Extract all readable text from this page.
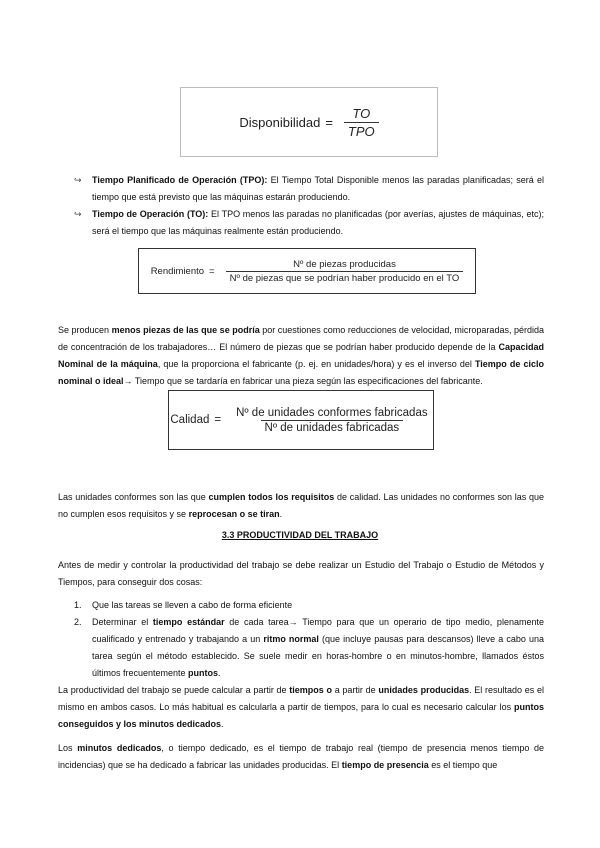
Disponibilidad = $\frac{TO}{\text{TPO}}$
↪ Tiempo Planificado de Operación (TPO): El Tiempo Total Disponible menos las paradas planificadas; será el tiempo que está previsto que las máquinas estarán produciendo.
↪ Tiempo de Operación (TO): El TPO menos las paradas no planificadas (por averías, ajustes de máquinas, etc); será el tiempo que las máquinas realmente están produciendo.
Rendimiento = $\frac{\text{Nº de piezas producidas}}{\text{Nº de piezas que se podrían haber producido en el TO}}$
Se producen menos piezas de las que se podría por cuestiones como reducciones de velocidad, microparadas, pérdida de concentración de los trabajadores… El número de piezas que se podrían haber producido depende de la Capacidad Nominal de la máquina, que la proporciona el fabricante (p. ej. en unidades/hora) y es el inverso del Tiempo de ciclo nominal o ideal→ Tiempo que se tardaría en fabricar una pieza según las especificaciones del fabricante.
Calidad = $\frac{\text{Nº de unidades conformes fabricadas}}{\text{Nº de unidades fabricadas}}$
Las unidades conformes son las que cumplen todos los requisitos de calidad. Las unidades no conformes son las que no cumplen esos requisitos y se reprocesan o se tiran.
3.3 PRODUCTIVIDAD DEL TRABAJO
Antes de medir y controlar la productividad del trabajo se debe realizar un Estudio del Trabajo o Estudio de Métodos y Tiempos, para conseguir dos cosas:
1. Que las tareas se lleven a cabo de forma eficiente
2. Determinar el tiempo estándar de cada tarea→ Tiempo para que un operario de tipo medio, plenamente cualificado y entrenado y trabajando a un ritmo normal (que incluye pausas para descansos) lleve a cabo una tarea según el método establecido. Se suele medir en horas-hombre o en minutos-hombre, llamados éstos últimos frecuentemente puntos.
La productividad del trabajo se puede calcular a partir de tiempos o a partir de unidades producidas. El resultado es el mismo en ambos casos. Lo más habitual es calcularla a partir de tiempos, para lo cual es necesario calcular los puntos conseguidos y los minutos dedicados.
Los minutos dedicados, o tiempo dedicado, es el tiempo de trabajo real (tiempo de presencia menos tiempo de incidencias) que se ha dedicado a fabricar las unidades producidas. El tiempo de presencia es el tiempo que
